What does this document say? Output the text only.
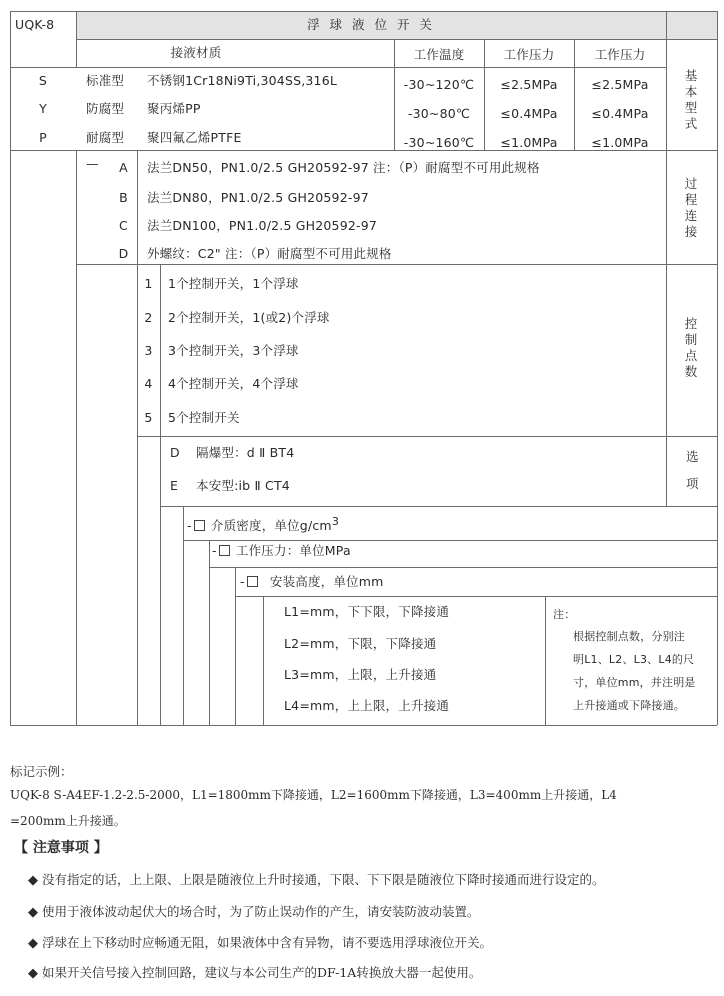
UQK-8	浮 球 液 位 开 关
接液材质	工作温度	工作压力	工作压力
S	标准型 不锈钢1Cr18Ni9Ti,304SS,316L	-30~120℃	≤2.5MPa	≤2.5MPa
Y	防腐型 聚丙烯PP	-30~80℃	≤0.4MPa	≤0.4MPa
P	耐腐型 聚四氟乙烯PTFE	-30~160℃	≤1.0MPa	≤1.0MPa
基本型式
—	A	法兰DN50，PN1.0/2.5 GH20592-97 注：（P）耐腐型不可用此规格
B	法兰DN80，PN1.0/2.5 GH20592-97
C	法兰DN100，PN1.0/2.5 GH20592-97
D	外螺纹：C2" 注：（P）耐腐型不可用此规格
过程连接
1	1个控制开关，1个浮球
2	2个控制开关，1(或2)个浮球
3	3个控制开关，3个浮球
4	4个控制开关，4个浮球
5	5个控制开关
控制点数
D 隔爆型：d Ⅱ BT4
E 本安型:ib Ⅱ CT4
选
项
- 介质密度，单位$g/cm^3$
- 工作压力：单位MPa
- 安装高度，单位mm
L1=mm，下下限，下降接通
L2=mm，下限，下降接通
L3=mm，上限，上升接通
L4=mm，上上限，上升接通
注：
根据控制点数，分别注
明L1、L2、L3、L4的尺
寸，单位mm，并注明是
上升接通或下降接通。
标记示例：
UQK-8 S-A4EF-1.2-2.5-2000，L1=1800mm下降接通，L2=1600mm下降接通，L3=400mm上升接通，L4
=200mm上升接通。
【 注意事项 】
◆ 没有指定的话，上上限、上限是随液位上升时接通，下限、下下限是随液位下降时接通而进行设定的。
◆ 使用于液体波动起伏大的场合时，为了防止误动作的产生，请安装防波动装置。
◆ 浮球在上下移动时应畅通无阻，如果液体中含有异物，请不要选用浮球液位开关。
◆ 如果开关信号接入控制回路，建议与本公司生产的DF-1A转换放大器一起使用。
